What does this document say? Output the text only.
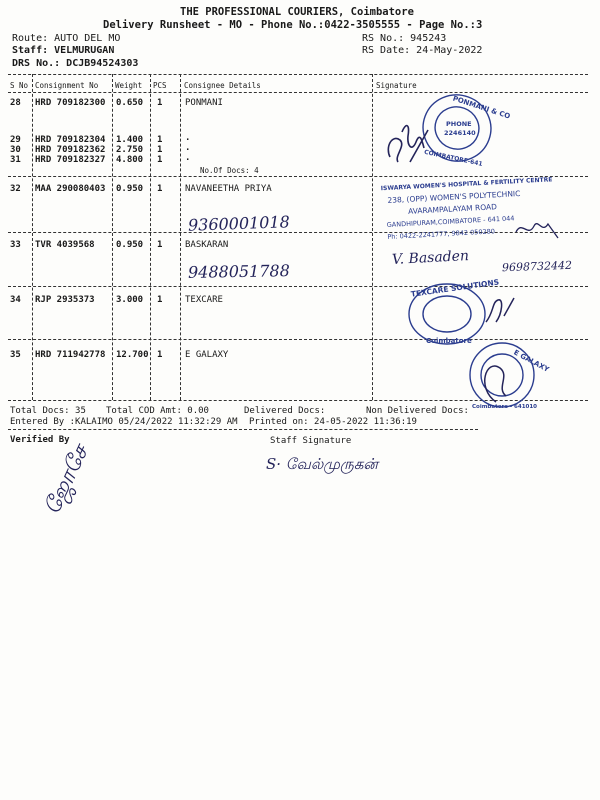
THE PROFESSIONAL COURIERS, Coimbatore
Delivery Runsheet - MO - Phone No.:0422-3505555 - Page No.:3
Route: AUTO DEL MO
Staff: VELMURUGAN
DRS No.: DCJB94524303
RS No.: 945243
RS Date: 24-May-2022
S No Consignment No Weight PCS Consignee Details	Signature
28 HRD 709182300 0.650 1	PONMANI
29 HRD 709182304 1.400 1	.
30 HRD 709182362 2.750 1	.
31 HRD 709182327 4.800 1	.
No.Of Docs: 4
32 MAA 290080403 0.950 1	NAVANEETHA PRIYA
33 TVR 4039568 0.950 1	BASKARAN
34 RJP 2935373 3.000 1	TEXCARE
35 HRD 711942778 12.700 1	E GALAXY
9360001018
9488051788
PONMANI & CO
PHONE
2246140
COIMBATORE-641
ISWARYA WOMEN'S HOSPITAL & FERTILITY CENTRE
238, (OPP) WOMEN'S POLYTECHNIC
AVARAMPALAYAM ROAD
GANDHIPURAM,COIMBATORE - 641 044
Ph: 0422-2241777, 9842 050280
V. Basaden	9698732442
TEXCARE SOLUTIONS
Coimbatore
E GALAXY
Coimbatore - 641010
Total Docs: 35 Total COD Amt: 0.00	Delivered Docs:	Non Delivered Docs:
Entered By :KALAIMO 05/24/2022 11:32:29 AM Printed on: 24-05-2022 11:36:19
Verified By	Staff Signature
ஜோசே	S· வேல்முருகன்
